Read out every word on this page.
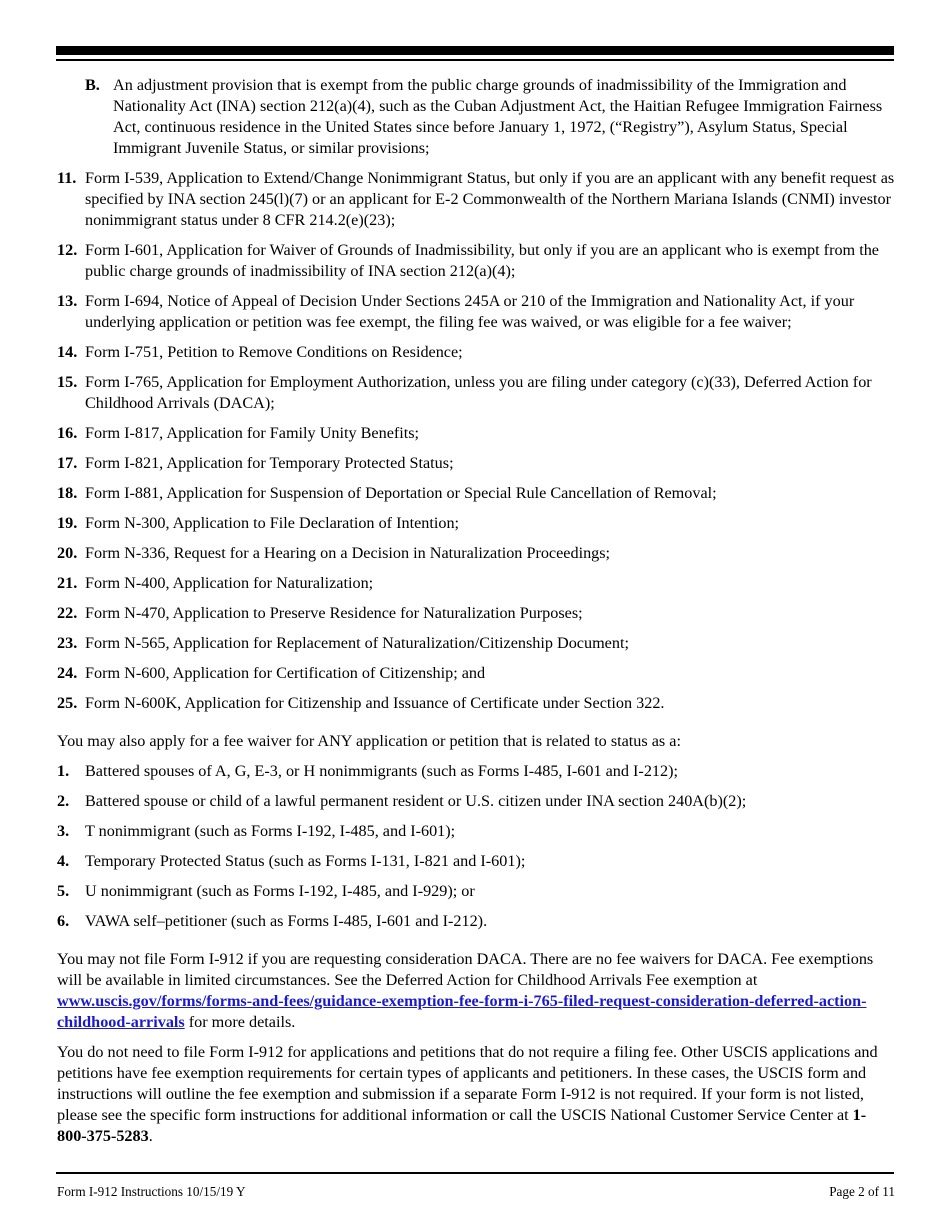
B. An adjustment provision that is exempt from the public charge grounds of inadmissibility of the Immigration and Nationality Act (INA) section 212(a)(4), such as the Cuban Adjustment Act, the Haitian Refugee Immigration Fairness Act, continuous residence in the United States since before January 1, 1972, (“Registry”), Asylum Status, Special Immigrant Juvenile Status, or similar provisions;
11. Form I-539, Application to Extend/Change Nonimmigrant Status, but only if you are an applicant with any benefit request as specified by INA section 245(l)(7) or an applicant for E-2 Commonwealth of the Northern Mariana Islands (CNMI) investor nonimmigrant status under 8 CFR 214.2(e)(23);
12. Form I-601, Application for Waiver of Grounds of Inadmissibility, but only if you are an applicant who is exempt from the public charge grounds of inadmissibility of INA section 212(a)(4);
13. Form I-694, Notice of Appeal of Decision Under Sections 245A or 210 of the Immigration and Nationality Act, if your underlying application or petition was fee exempt, the filing fee was waived, or was eligible for a fee waiver;
14. Form I-751, Petition to Remove Conditions on Residence;
15. Form I-765, Application for Employment Authorization, unless you are filing under category (c)(33), Deferred Action for Childhood Arrivals (DACA);
16. Form I-817, Application for Family Unity Benefits;
17. Form I-821, Application for Temporary Protected Status;
18. Form I-881, Application for Suspension of Deportation or Special Rule Cancellation of Removal;
19. Form N-300, Application to File Declaration of Intention;
20. Form N-336, Request for a Hearing on a Decision in Naturalization Proceedings;
21. Form N-400, Application for Naturalization;
22. Form N-470, Application to Preserve Residence for Naturalization Purposes;
23. Form N-565, Application for Replacement of Naturalization/Citizenship Document;
24. Form N-600, Application for Certification of Citizenship; and
25. Form N-600K, Application for Citizenship and Issuance of Certificate under Section 322.

You may also apply for a fee waiver for ANY application or petition that is related to status as a:

1. Battered spouses of A, G, E-3, or H nonimmigrants (such as Forms I-485, I-601 and I-212);
2. Battered spouse or child of a lawful permanent resident or U.S. citizen under INA section 240A(b)(2);
3. T nonimmigrant (such as Forms I-192, I-485, and I-601);
4. Temporary Protected Status (such as Forms I-131, I-821 and I-601);
5. U nonimmigrant (such as Forms I-192, I-485, and I-929); or
6. VAWA self–petitioner (such as Forms I-485, I-601 and I-212).

You may not file Form I-912 if you are requesting consideration DACA. There are no fee waivers for DACA. Fee exemptions will be available in limited circumstances. See the Deferred Action for Childhood Arrivals Fee exemption at www.uscis.gov/forms/forms-and-fees/guidance-exemption-fee-form-i-765-filed-request-consideration-deferred-action-childhood-arrivals for more details.

You do not need to file Form I-912 for applications and petitions that do not require a filing fee. Other USCIS applications and petitions have fee exemption requirements for certain types of applicants and petitioners. In these cases, the USCIS form and instructions will outline the fee exemption and submission if a separate Form I-912 is not required. If your form is not listed, please see the specific form instructions for additional information or call the USCIS National Customer Service Center at 1-800-375-5283.

Form I-912 Instructions 10/15/19 Y	Page 2 of 11
